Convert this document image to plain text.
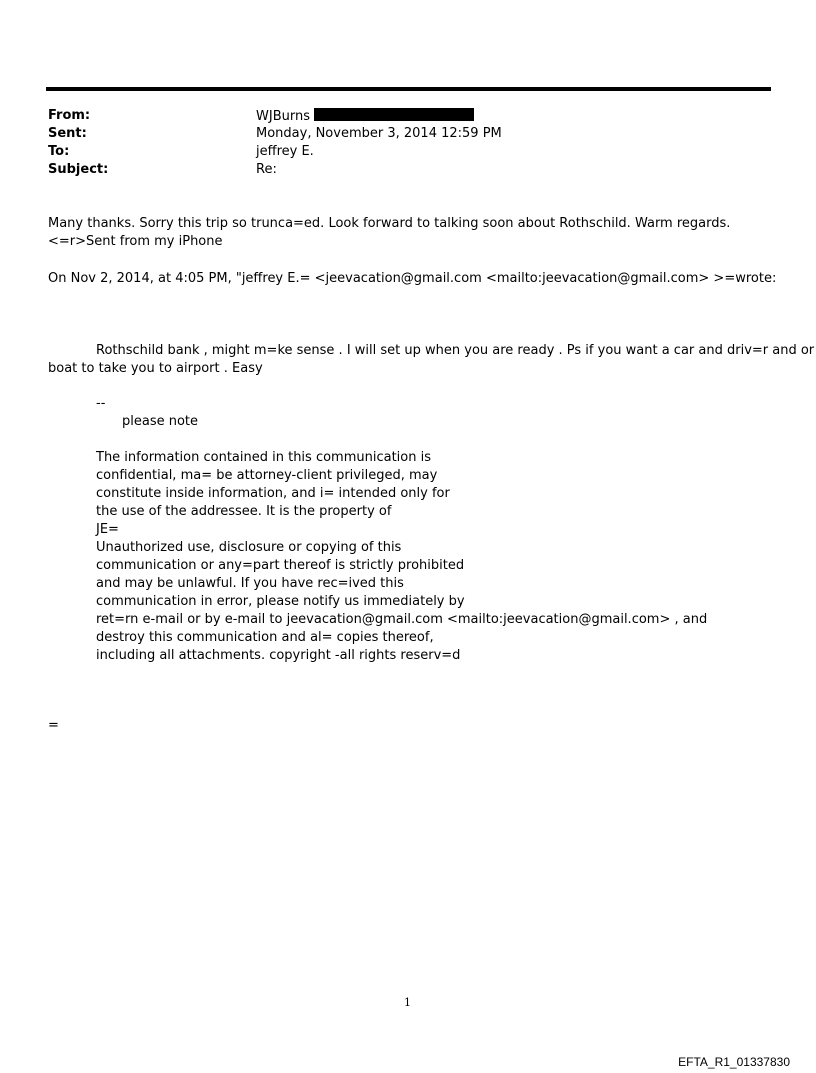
From:	WJBurns
Sent:	Monday, November 3, 2014 12:59 PM
To:	jeffrey E.
Subject:	Re:
Many thanks. Sorry this trip so trunca=ed. Look forward to talking soon about Rothschild. Warm regards.
<=r>Sent from my iPhone
On Nov 2, 2014, at 4:05 PM, "jeffrey E.= <jeevacation@gmail.com <mailto:jeevacation@gmail.com> >=wrote:
Rothschild bank , might m=ke sense . I will set up when you are ready . Ps if you want a car and driv=r and or
boat to take you to airport . Easy
--
please note
The information contained in this communication is
confidential, ma= be attorney-client privileged, may
constitute inside information, and i= intended only for
the use of the addressee. It is the property of
JE=
Unauthorized use, disclosure or copying of this
communication or any=part thereof is strictly prohibited
and may be unlawful. If you have rec=ived this
communication in error, please notify us immediately by
ret=rn e-mail or by e-mail to jeevacation@gmail.com <mailto:jeevacation@gmail.com> , and
destroy this communication and al= copies thereof,
including all attachments. copyright -all rights reserv=d
=
1
EFTA_R1_01337830
